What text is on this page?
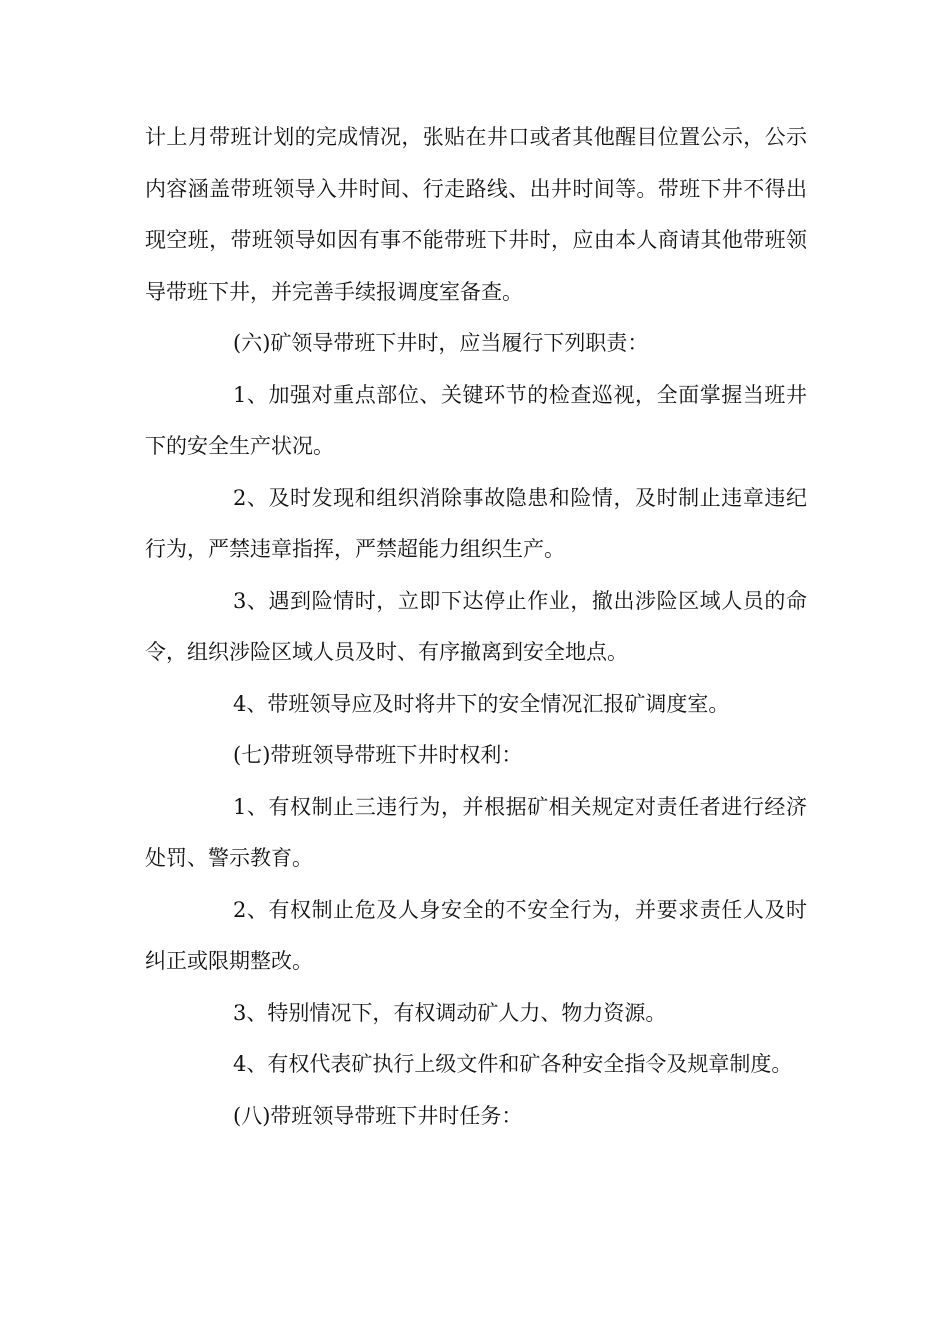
计上月带班计划的完成情况，张贴在井口或者其他醒目位置公示，公示内容涵盖带班领导入井时间、行走路线、出井时间等。带班下井不得出现空班，带班领导如因有事不能带班下井时，应由本人商请其他带班领导带班下井，并完善手续报调度室备查。

(六)矿领导带班下井时，应当履行下列职责：

1、加强对重点部位、关键环节的检查巡视，全面掌握当班井下的安全生产状况。

2、及时发现和组织消除事故隐患和险情，及时制止违章违纪行为，严禁违章指挥，严禁超能力组织生产。

3、遇到险情时，立即下达停止作业，撤出涉险区域人员的命令，组织涉险区域人员及时、有序撤离到安全地点。

4、带班领导应及时将井下的安全情况汇报矿调度室。

(七)带班领导带班下井时权利：

1、有权制止三违行为，并根据矿相关规定对责任者进行经济处罚、警示教育。

2、有权制止危及人身安全的不安全行为，并要求责任人及时纠正或限期整改。

3、特别情况下，有权调动矿人力、物力资源。

4、有权代表矿执行上级文件和矿各种安全指令及规章制度。

(八)带班领导带班下井时任务：
